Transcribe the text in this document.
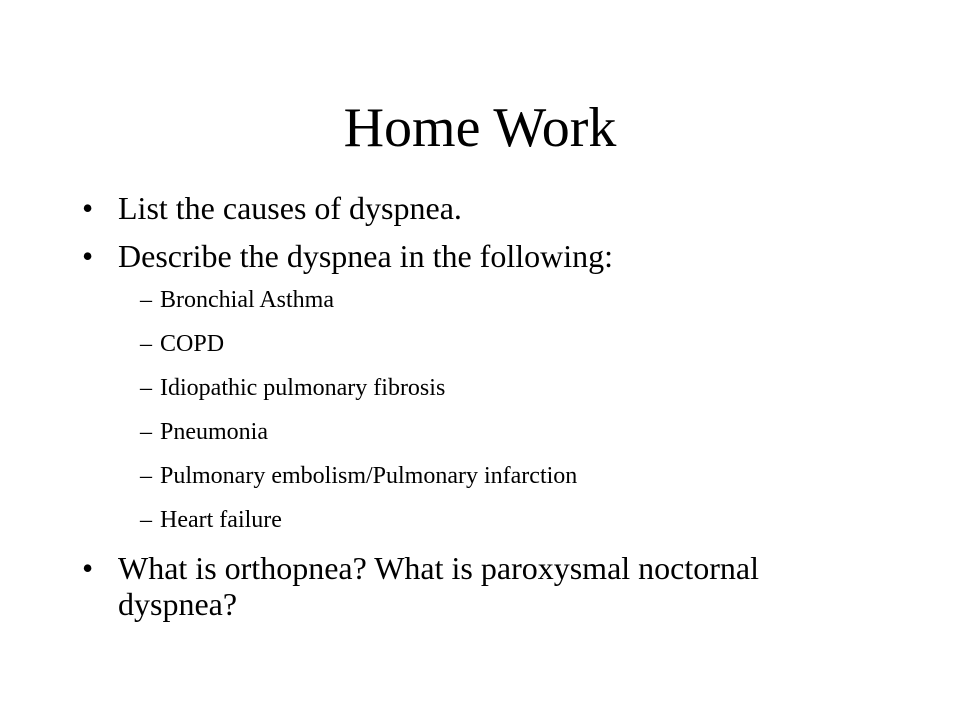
Home Work
• List the causes of dyspnea.
• Describe the dyspnea in the following:
– Bronchial Asthma
– COPD
– Idiopathic pulmonary fibrosis
– Pneumonia
– Pulmonary embolism/Pulmonary infarction
– Heart failure
• What is orthopnea? What is paroxysmal noctornal dyspnea?
